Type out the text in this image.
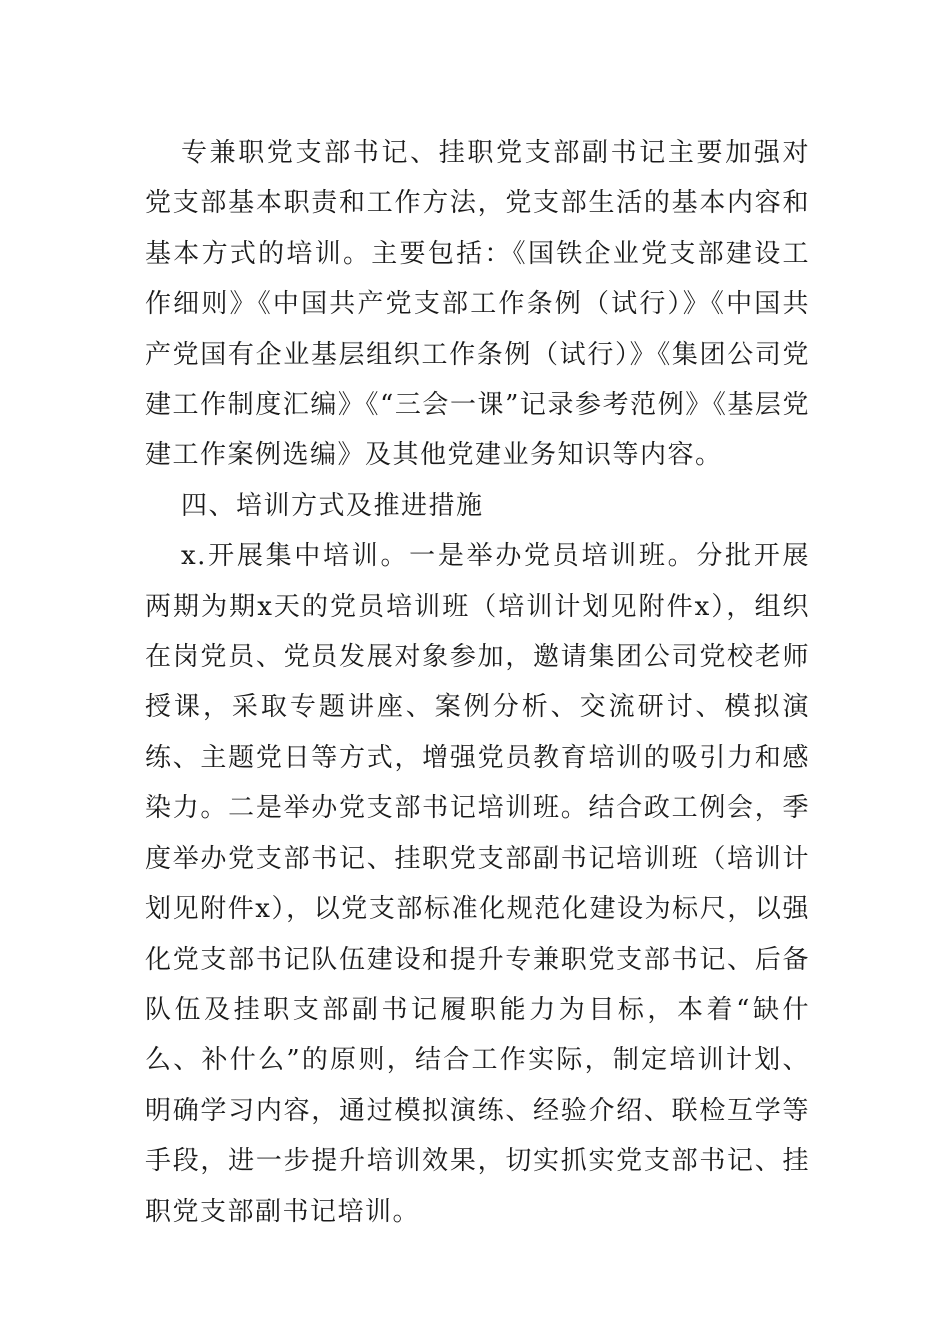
专兼职党支部书记、挂职党支部副书记主要加强对党支部基本职责和工作方法，党支部生活的基本内容和基本方式的培训。主要包括：《国铁企业党支部建设工作细则》《中国共产党支部工作条例（试行）》《中国共产党国有企业基层组织工作条例（试行）》《集团公司党建工作制度汇编》《“三会一课”记录参考范例》《基层党建工作案例选编》及其他党建业务知识等内容。

四、培训方式及推进措施

x.开展集中培训。一是举办党员培训班。分批开展两期为期x天的党员培训班（培训计划见附件x），组织在岗党员、党员发展对象参加，邀请集团公司党校老师授课，采取专题讲座、案例分析、交流研讨、模拟演练、主题党日等方式，增强党员教育培训的吸引力和感染力。二是举办党支部书记培训班。结合政工例会，季度举办党支部书记、挂职党支部副书记培训班（培训计划见附件x），以党支部标准化规范化建设为标尺，以强化党支部书记队伍建设和提升专兼职党支部书记、后备队伍及挂职支部副书记履职能力为目标，本着“缺什么、补什么”的原则，结合工作实际，制定培训计划、明确学习内容，通过模拟演练、经验介绍、联检互学等手段，进一步提升培训效果，切实抓实党支部书记、挂职党支部副书记培训。
